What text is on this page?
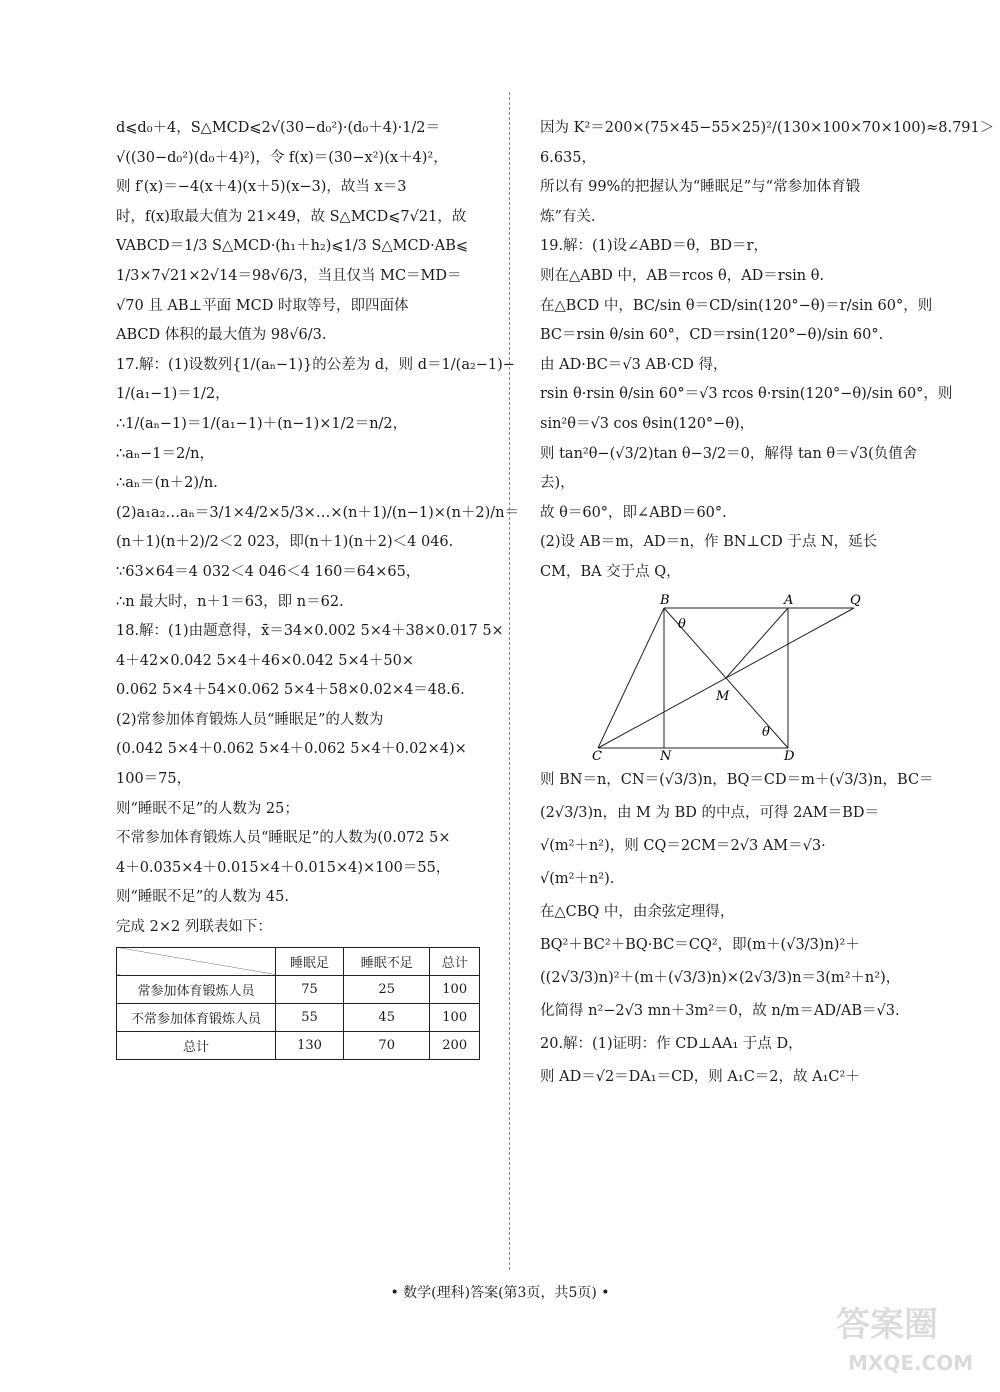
d⩽d₀＋4，S△MCD⩽2√(30−d₀²)·(d₀＋4)·1/2＝
√((30−d₀²)(d₀＋4)²)，令 f(x)＝(30−x²)(x＋4)²，
则 f′(x)＝−4(x＋4)(x＋5)(x−3)，故当 x＝3
时，f(x)取最大值为 21×49，故 S△MCD⩽7√21，故
VABCD＝1/3 S△MCD·(h₁＋h₂)⩽1/3 S△MCD·AB⩽
1/3×7√21×2√14＝98√6/3，当且仅当 MC＝MD＝
√70 且 AB⊥平面 MCD 时取等号，即四面体
ABCD 体积的最大值为 98√6/3.
17.解：(1)设数列{1/(aₙ−1)}的公差为 d，则 d＝1/(a₂−1)−
1/(a₁−1)＝1/2，
∴1/(aₙ−1)＝1/(a₁−1)＋(n−1)×1/2＝n/2，
∴aₙ−1＝2/n，
∴aₙ＝(n＋2)/n.
(2)a₁a₂…aₙ＝3/1×4/2×5/3×…×(n＋1)/(n−1)×(n＋2)/n＝
(n＋1)(n＋2)/2＜2 023，即(n＋1)(n＋2)＜4 046.
∵63×64＝4 032＜4 046＜4 160＝64×65，
∴n 最大时，n＋1＝63，即 n＝62.
18.解：(1)由题意得，x̄＝34×0.002 5×4＋38×0.017 5×
4＋42×0.042 5×4＋46×0.042 5×4＋50×
0.062 5×4＋54×0.062 5×4＋58×0.02×4＝48.6.
(2)常参加体育锻炼人员“睡眠足”的人数为
(0.042 5×4＋0.062 5×4＋0.062 5×4＋0.02×4)×
100＝75，
则“睡眠不足”的人数为 25；
不常参加体育锻炼人员“睡眠足”的人数为(0.072 5×
4＋0.035×4＋0.015×4＋0.015×4)×100＝55，
则“睡眠不足”的人数为 45.
完成 2×2 列联表如下：
	睡眠足	睡眠不足	总计
常参加体育锻炼人员	75	25	100
不常参加体育锻炼人员	55	45	100
总计	130	70	200
因为 K²＝200×(75×45−55×25)²/(130×100×70×100)≈8.791＞
6.635，
所以有 99%的把握认为“睡眠足”与“常参加体育锻
炼”有关.
19.解：(1)设∠ABD＝θ，BD＝r，
则在△ABD 中，AB＝rcos θ，AD＝rsin θ.
在△BCD 中，BC/sin θ＝CD/sin(120°−θ)＝r/sin 60°，则
BC＝rsin θ/sin 60°，CD＝rsin(120°−θ)/sin 60°.
由 AD·BC＝√3 AB·CD 得，
rsin θ·rsin θ/sin 60°＝√3 rcos θ·rsin(120°−θ)/sin 60°，则
sin²θ＝√3 cos θsin(120°−θ)，
则 tan²θ−(√3/2)tan θ−3/2＝0，解得 tan θ＝√3(负值舍
去)，
故 θ＝60°，即∠ABD＝60°.
(2)设 AB＝m，AD＝n，作 BN⊥CD 于点 N，延长
CM，BA 交于点 Q，
B	A	Q
C	N	D
M
θ
θ
则 BN＝n，CN＝(√3/3)n，BQ＝CD＝m＋(√3/3)n，BC＝
(2√3/3)n，由 M 为 BD 的中点，可得 2AM＝BD＝
√(m²＋n²)，则 CQ＝2CM＝2√3 AM＝√3·
√(m²＋n²).
在△CBQ 中，由余弦定理得，
BQ²＋BC²＋BQ·BC＝CQ²，即(m＋(√3/3)n)²＋
((2√3/3)n)²＋(m＋(√3/3)n)×(2√3/3)n＝3(m²＋n²)，
化简得 n²−2√3 mn＋3m²＝0，故 n/m＝AD/AB＝√3.
20.解：(1)证明：作 CD⊥AA₁ 于点 D，
则 AD＝√2＝DA₁＝CD，则 A₁C＝2，故 A₁C²＋
• 数学(理科)答案(第3页，共5页) •
答案圈
MXQE.COM
